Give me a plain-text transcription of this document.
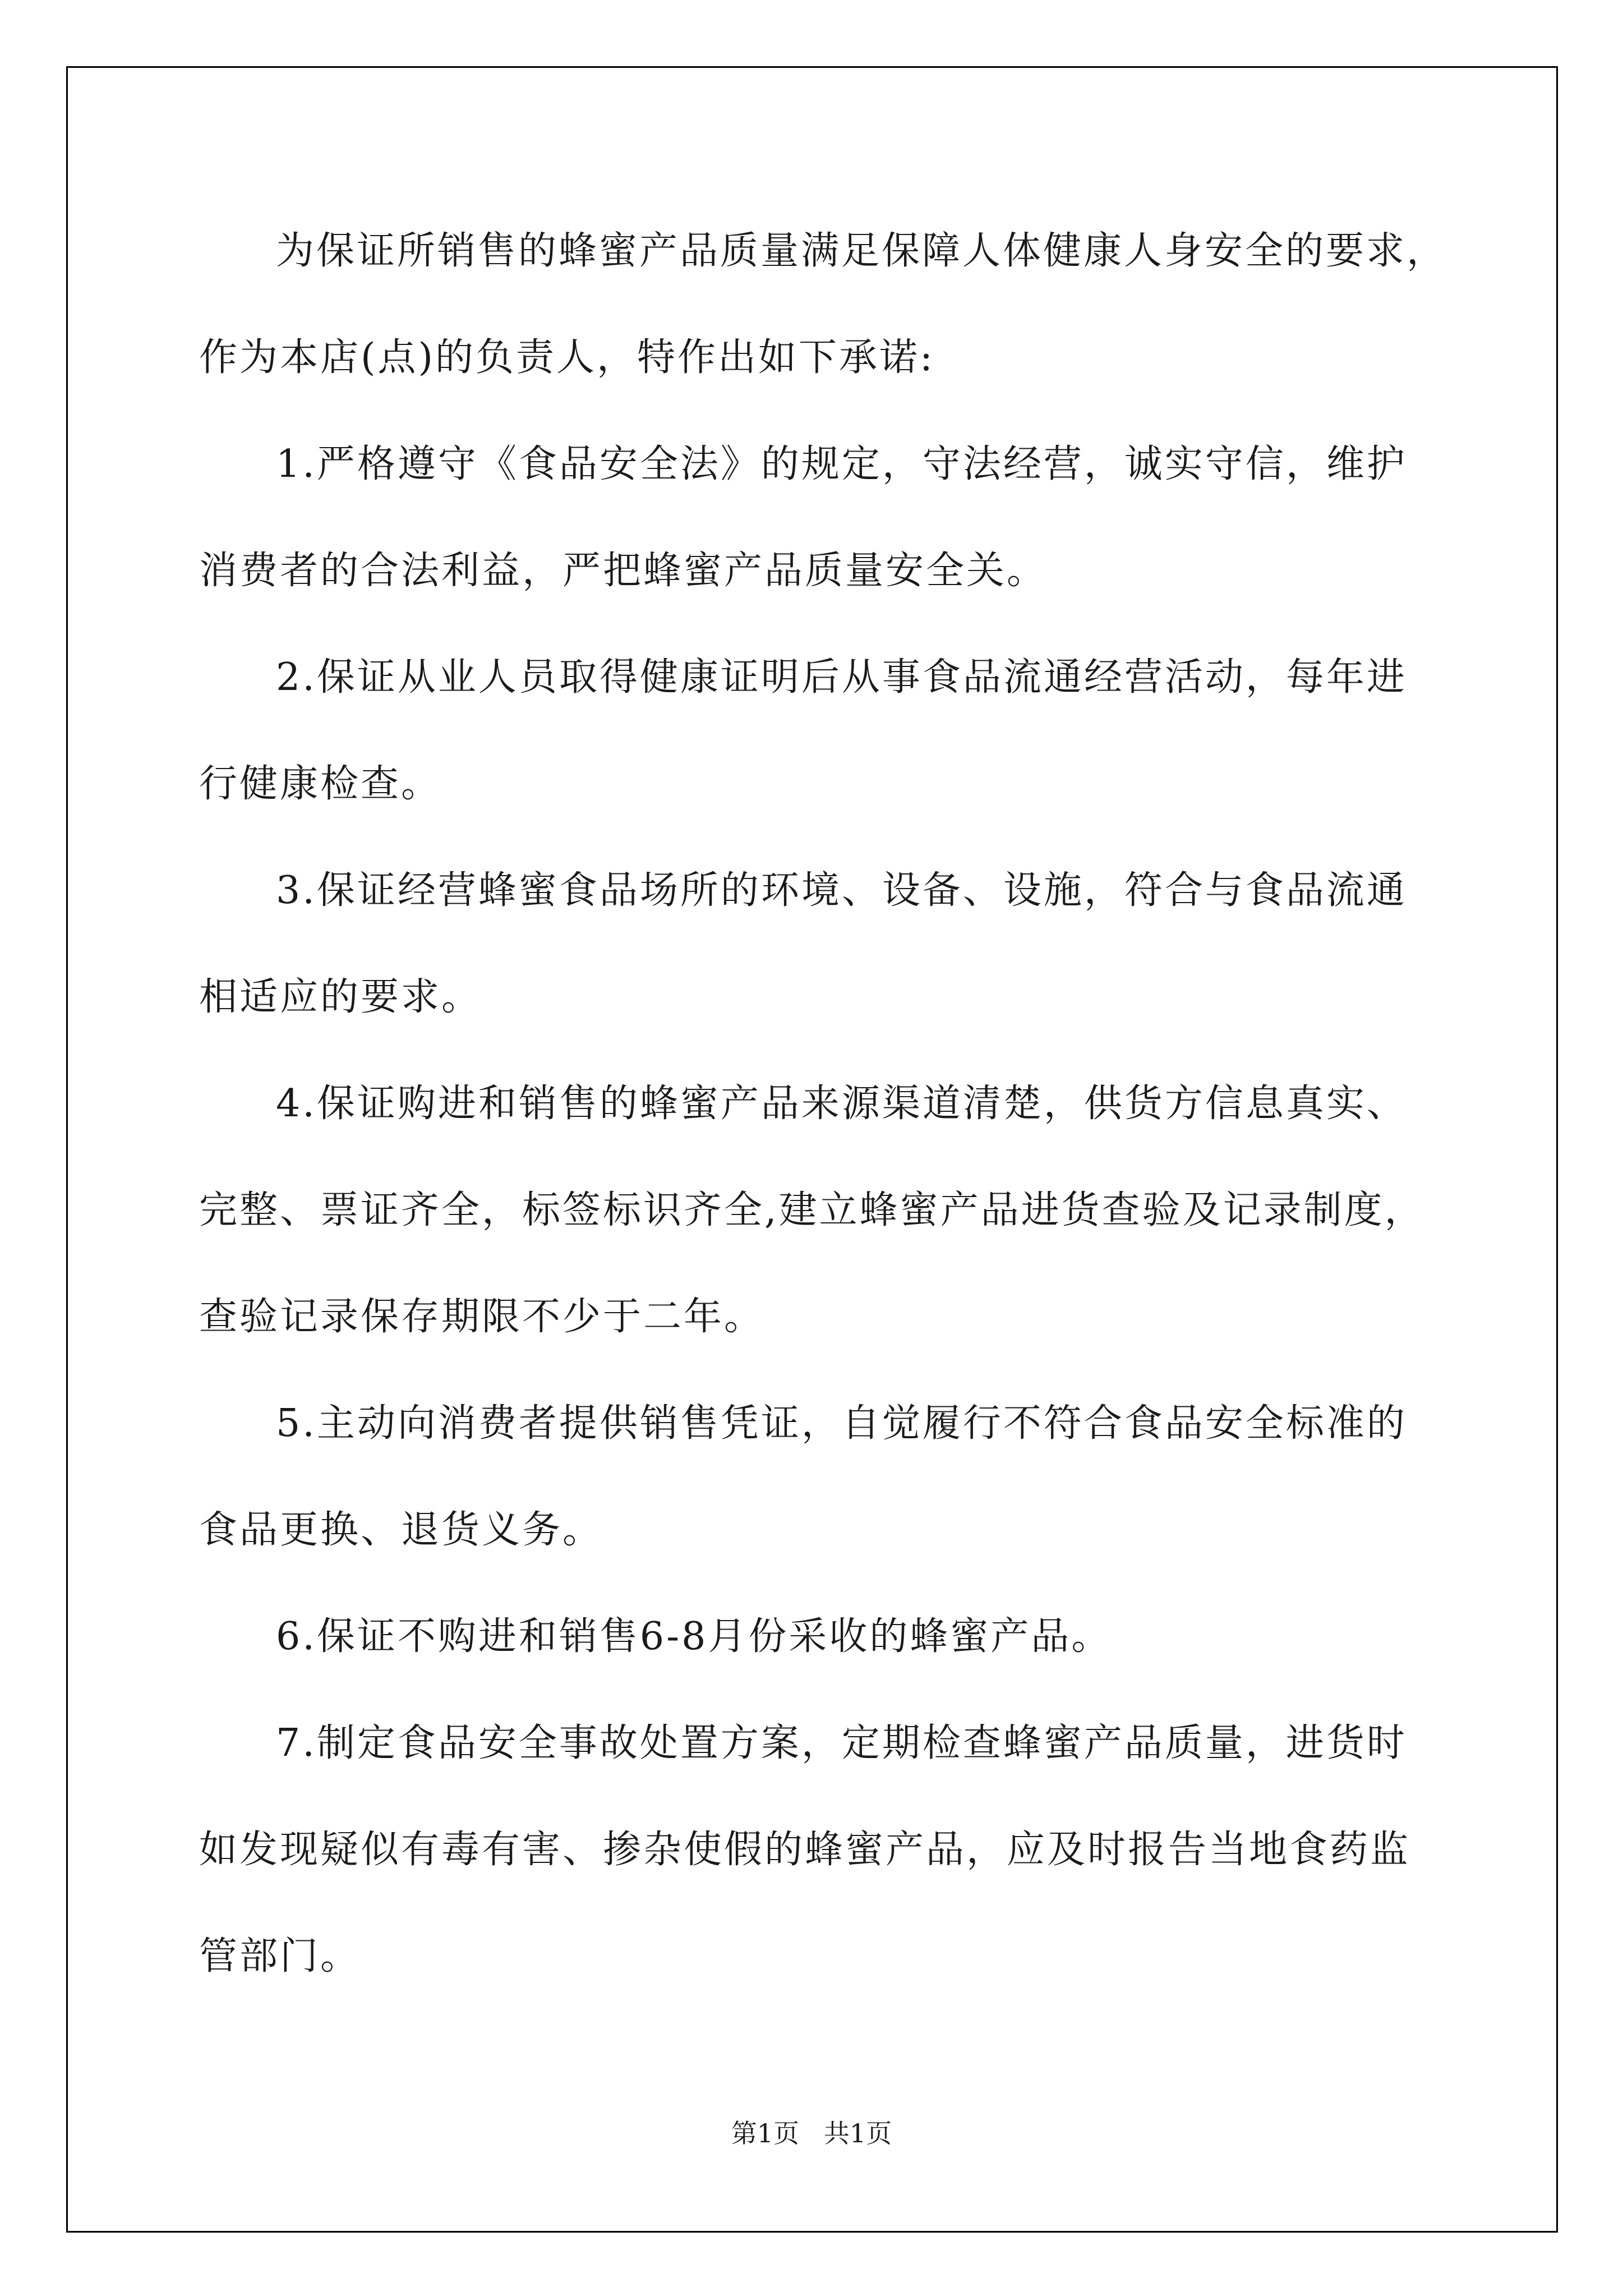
为保证所销售的蜂蜜产品质量满足保障人体健康人身安全的要求，
作为本店(点)的负责人，特作出如下承诺:
1.严格遵守《食品安全法》的规定，守法经营，诚实守信，维护
消费者的合法利益，严把蜂蜜产品质量安全关。
2.保证从业人员取得健康证明后从事食品流通经营活动，每年进
行健康检查。
3.保证经营蜂蜜食品场所的环境、设备、设施，符合与食品流通
相适应的要求。
4.保证购进和销售的蜂蜜产品来源渠道清楚，供货方信息真实、
完整、票证齐全，标签标识齐全,建立蜂蜜产品进货查验及记录制度，
查验记录保存期限不少于二年。
5.主动向消费者提供销售凭证，自觉履行不符合食品安全标准的
食品更换、退货义务。
6.保证不购进和销售6-8月份采收的蜂蜜产品。
7.制定食品安全事故处置方案，定期检查蜂蜜产品质量，进货时
如发现疑似有毒有害、掺杂使假的蜂蜜产品，应及时报告当地食药监
管部门。
第1页   共1页
